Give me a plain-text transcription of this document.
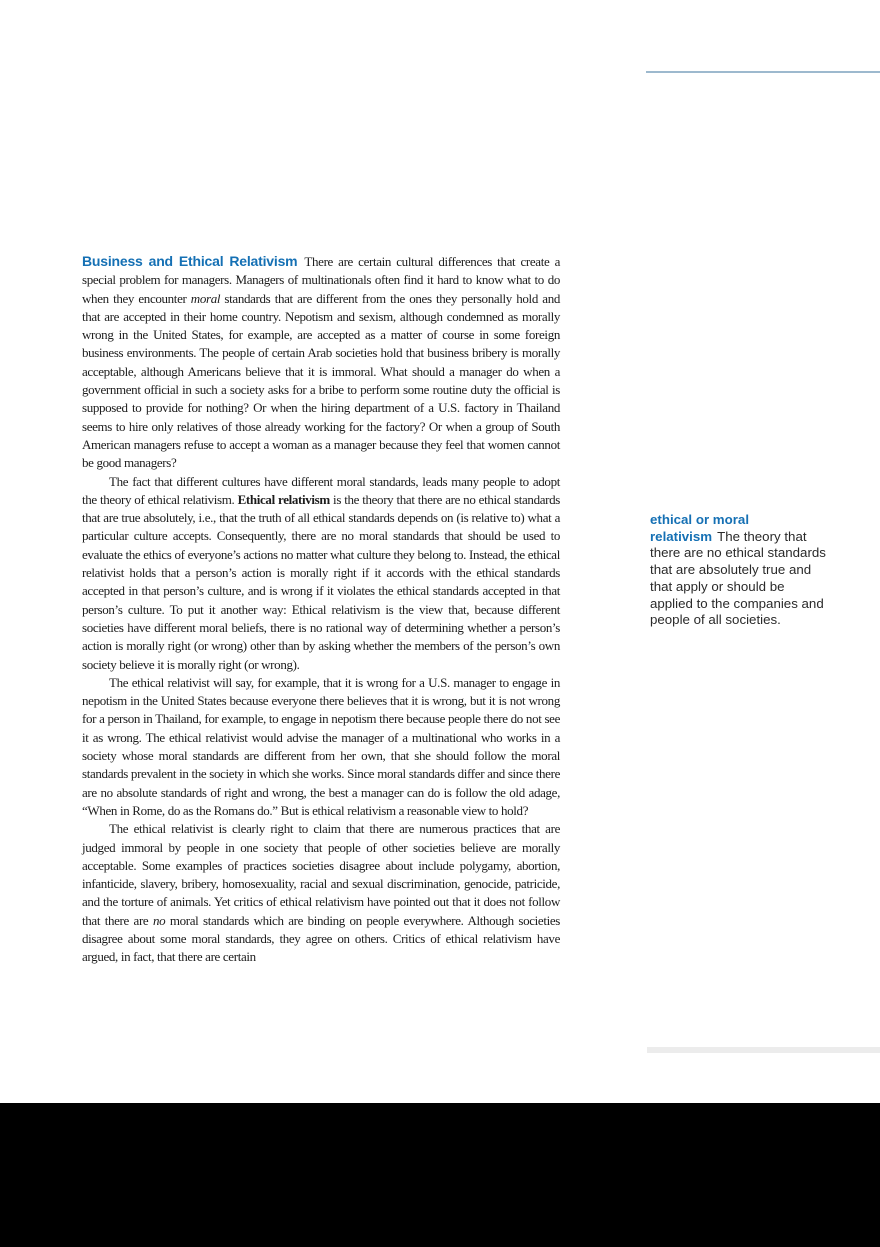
Business and Ethical Relativism There are certain cultural differences that create a special problem for managers. Managers of multinationals often find it hard to know what to do when they encounter moral standards that are different from the ones they personally hold and that are accepted in their home country. Nepotism and sexism, although condemned as morally wrong in the United States, for example, are accepted as a matter of course in some foreign business environments. The people of certain Arab societies hold that business bribery is morally acceptable, although Americans believe that it is immoral. What should a manager do when a government official in such a society asks for a bribe to perform some routine duty the official is supposed to provide for nothing? Or when the hiring department of a U.S. factory in Thailand seems to hire only relatives of those already working for the factory? Or when a group of South American managers refuse to accept a woman as a manager because they feel that women cannot be good managers?

The fact that different cultures have different moral standards, leads many people to adopt the theory of ethical relativism. Ethical relativism is the theory that there are no ethical standards that are true absolutely, i.e., that the truth of all ethical standards depends on (is relative to) what a particular culture accepts. Consequently, there are no moral standards that should be used to evaluate the ethics of everyone’s actions no matter what culture they belong to. Instead, the ethical relativist holds that a person’s action is morally right if it accords with the ethical standards accepted in that person’s culture, and is wrong if it violates the ethical standards accepted in that person’s culture. To put it another way: Ethical relativism is the view that, because different societies have different moral beliefs, there is no rational way of determining whether a person’s action is morally right (or wrong) other than by asking whether the members of the person’s own society believe it is morally right (or wrong).

The ethical relativist will say, for example, that it is wrong for a U.S. manager to engage in nepotism in the United States because everyone there believes that it is wrong, but it is not wrong for a person in Thailand, for example, to engage in nepotism there because people there do not see it as wrong. The ethical relativist would advise the manager of a multinational who works in a society whose moral standards are different from her own, that she should follow the moral standards prevalent in the society in which she works. Since moral standards differ and since there are no absolute standards of right and wrong, the best a manager can do is follow the old adage, “When in Rome, do as the Romans do.” But is ethical relativism a reasonable view to hold?

The ethical relativist is clearly right to claim that there are numerous practices that are judged immoral by people in one society that people of other societies believe are morally acceptable. Some examples of practices societies disagree about include polygamy, abortion, infanticide, slavery, bribery, homosexuality, racial and sexual discrimination, genocide, patricide, and the torture of animals. Yet critics of ethical relativism have pointed out that it does not follow that there are no moral standards which are binding on people everywhere. Although societies disagree about some moral standards, they agree on others. Critics of ethical relativism have argued, in fact, that there are certain

ethical or moral relativism The theory that there are no ethical standards that are absolutely true and that apply or should be applied to the companies and people of all societies.
